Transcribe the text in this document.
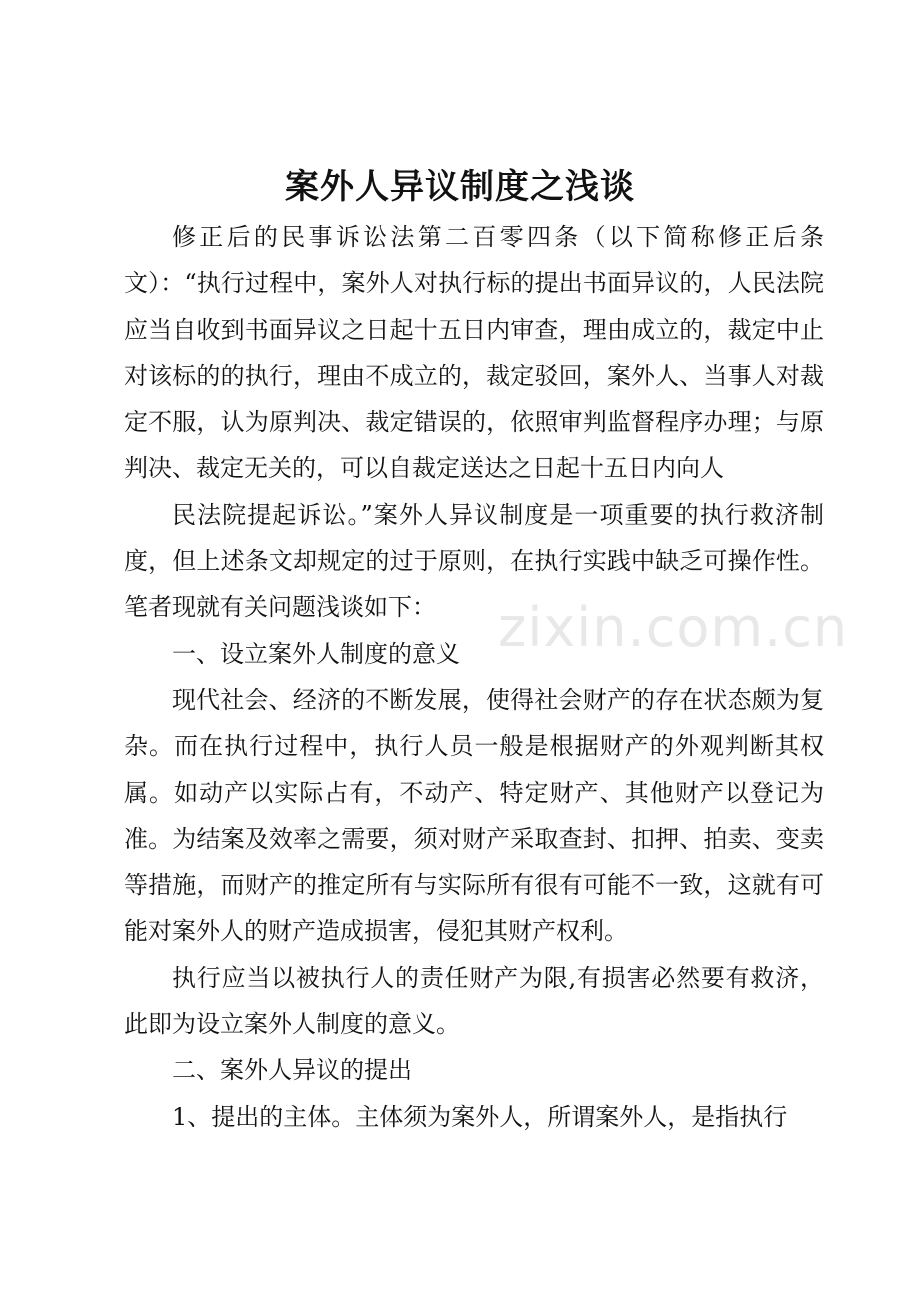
案外人异议制度之浅谈

修正后的民事诉讼法第二百零四条（以下简称修正后条文）：“执行过程中，案外人对执行标的提出书面异议的，人民法院应当自收到书面异议之日起十五日内审查，理由成立的，裁定中止对该标的的执行，理由不成立的，裁定驳回，案外人、当事人对裁定不服，认为原判决、裁定错误的，依照审判监督程序办理；与原判决、裁定无关的，可以自裁定送达之日起十五日内向人

民法院提起诉讼。”案外人异议制度是一项重要的执行救济制度，但上述条文却规定的过于原则，在执行实践中缺乏可操作性。笔者现就有关问题浅谈如下：

一、设立案外人制度的意义

现代社会、经济的不断发展，使得社会财产的存在状态颇为复杂。而在执行过程中，执行人员一般是根据财产的外观判断其权属。如动产以实际占有，不动产、特定财产、其他财产以登记为准。为结案及效率之需要，须对财产采取查封、扣押、拍卖、变卖等措施，而财产的推定所有与实际所有很有可能不一致，这就有可能对案外人的财产造成损害，侵犯其财产权利。

执行应当以被执行人的责任财产为限,有损害必然要有救济，此即为设立案外人制度的意义。

二、案外人异议的提出

1、提出的主体。主体须为案外人，所谓案外人，是指执行

zixin.com.cn
